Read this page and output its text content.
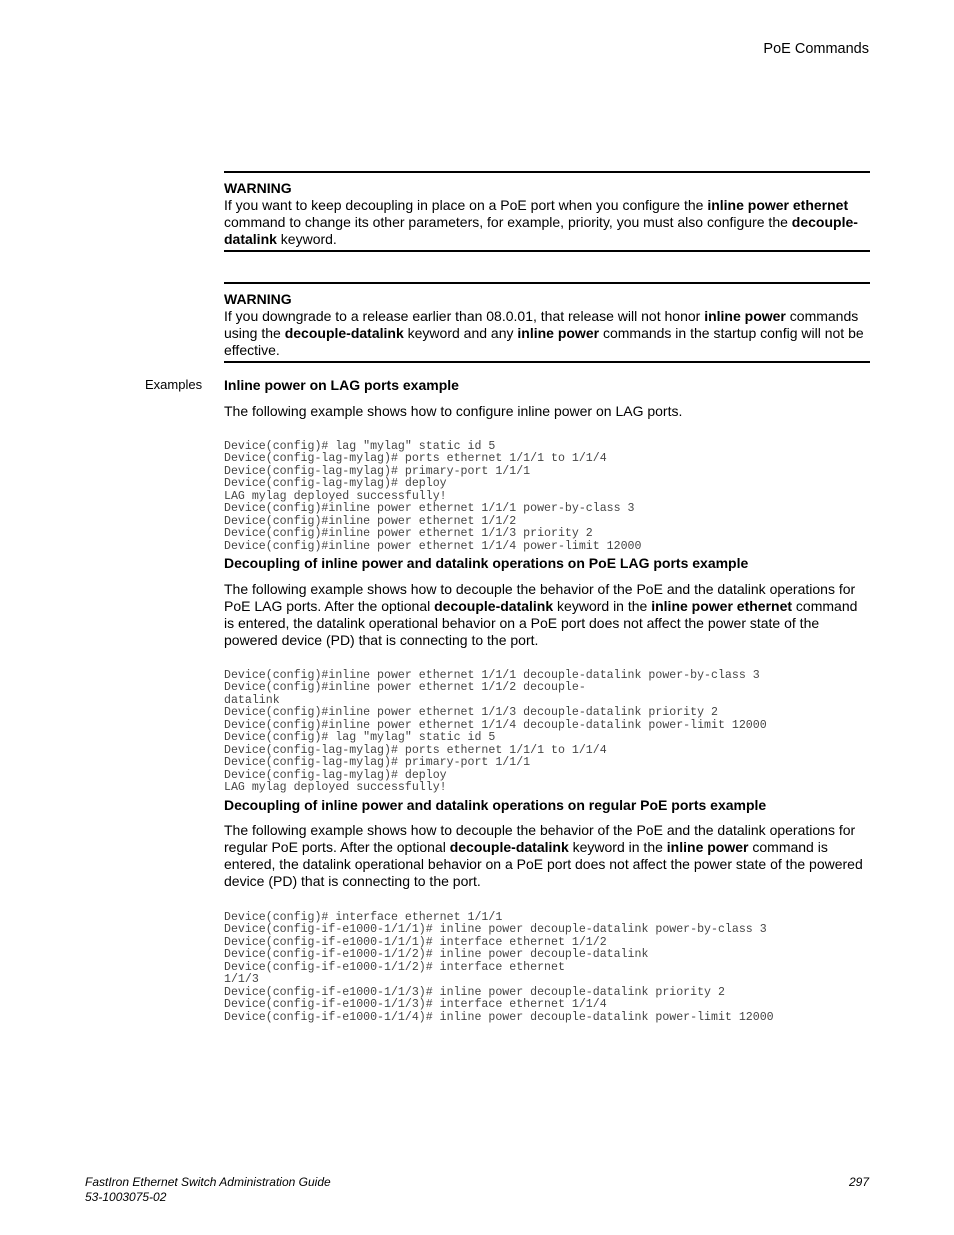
PoE Commands
Examples
WARNING
If you want to keep decoupling in place on a PoE port when you configure the inline power ethernet command to change its other parameters, for example, priority, you must also configure the decouple-datalink keyword.
WARNING
If you downgrade to a release earlier than 08.0.01, that release will not honor inline power commands using the decouple-datalink keyword and any inline power commands in the startup config will not be effective.
Inline power on LAG ports example
The following example shows how to configure inline power on LAG ports.
Device(config)# lag "mylag" static id 5
Device(config-lag-mylag)# ports ethernet 1/1/1 to 1/1/4
Device(config-lag-mylag)# primary-port 1/1/1
Device(config-lag-mylag)# deploy
LAG mylag deployed successfully!
Device(config)#inline power ethernet 1/1/1 power-by-class 3
Device(config)#inline power ethernet 1/1/2
Device(config)#inline power ethernet 1/1/3 priority 2
Device(config)#inline power ethernet 1/1/4 power-limit 12000
Decoupling of inline power and datalink operations on PoE LAG ports example
The following example shows how to decouple the behavior of the PoE and the datalink operations for PoE LAG ports. After the optional decouple-datalink keyword in the inline power ethernet command is entered, the datalink operational behavior on a PoE port does not affect the power state of the powered device (PD) that is connecting to the port.
Device(config)#inline power ethernet 1/1/1 decouple-datalink power-by-class 3
Device(config)#inline power ethernet 1/1/2 decouple-
datalink
Device(config)#inline power ethernet 1/1/3 decouple-datalink priority 2
Device(config)#inline power ethernet 1/1/4 decouple-datalink power-limit 12000
Device(config)# lag "mylag" static id 5
Device(config-lag-mylag)# ports ethernet 1/1/1 to 1/1/4
Device(config-lag-mylag)# primary-port 1/1/1
Device(config-lag-mylag)# deploy
LAG mylag deployed successfully!
Decoupling of inline power and datalink operations on regular PoE ports example
The following example shows how to decouple the behavior of the PoE and the datalink operations for regular PoE ports. After the optional decouple-datalink keyword in the inline power command is entered, the datalink operational behavior on a PoE port does not affect the power state of the powered device (PD) that is connecting to the port.
Device(config)# interface ethernet 1/1/1
Device(config-if-e1000-1/1/1)# inline power decouple-datalink power-by-class 3
Device(config-if-e1000-1/1/1)# interface ethernet 1/1/2
Device(config-if-e1000-1/1/2)# inline power decouple-datalink
Device(config-if-e1000-1/1/2)# interface ethernet
1/1/3
Device(config-if-e1000-1/1/3)# inline power decouple-datalink priority 2
Device(config-if-e1000-1/1/3)# interface ethernet 1/1/4
Device(config-if-e1000-1/1/4)# inline power decouple-datalink power-limit 12000
FastIron Ethernet Switch Administration Guide
53-1003075-02
297
